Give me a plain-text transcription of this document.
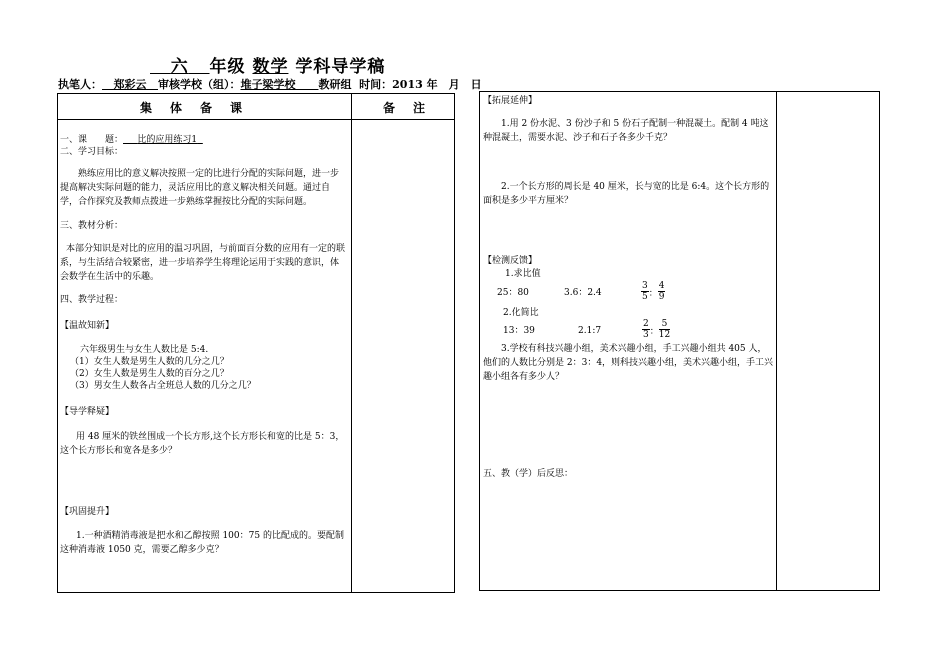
六 年级 数学 学科导学稿
执笔人： 郑彩云 审核学校（组）：堆子梁学校 教研组 时间：2013 年　月　日
集体备课	备注
一、课　　题： 比的应用练习1
二、学习目标：
熟练应用比的意义解决按照一定的比进行分配的实际问题，进一步提高解决实际问题的能力，灵活应用比的意义解决相关问题。通过自学，合作探究及教师点拨进一步熟练掌握按比分配的实际问题。
三、教材分析：
本部分知识是对比的应用的温习巩固，与前面百分数的应用有一定的联系，与生活结合较紧密，进一步培养学生将理论运用于实践的意识，体会数学在生活中的乐趣。
四、教学过程：
【温故知新】
六年级男生与女生人数比是 5:4.
（1）女生人数是男生人数的几分之几？
（2）女生人数是男生人数的百分之几？
（3）男女生人数各占全班总人数的几分之几？
【导学释疑】
用 48 厘米的铁丝围成一个长方形,这个长方形长和宽的比是 5：3，这个长方形长和宽各是多少？
【巩固提升】
1.一种酒精消毒液是把水和乙醇按照 100：75 的比配成的。要配制这种消毒液 1050 克，需要乙醇多少克？
【拓展延伸】
1.用 2 份水泥、3 份沙子和 5 份石子配制一种混凝土。配制 4 吨这种混凝土，需要水泥、沙子和石子各多少千克？
2.一个长方形的周长是 40 厘米，长与宽的比是 6:4。这个长方形的面积是多少平方厘米？
【检测反馈】
1.求比值
25：80	3.6：2.4	$\frac{3}{5}$ ： $\frac{4}{9}$
2.化简比
13：39	2.1:7	$\frac{2}{3}$ ： $\frac{5}{12}$
3.学校有科技兴趣小组，美术兴趣小组，手工兴趣小组共 405 人，他们的人数比分别是 2：3：4，则科技兴趣小组，美术兴趣小组，手工兴趣小组各有多少人？
五、教（学）后反思：
